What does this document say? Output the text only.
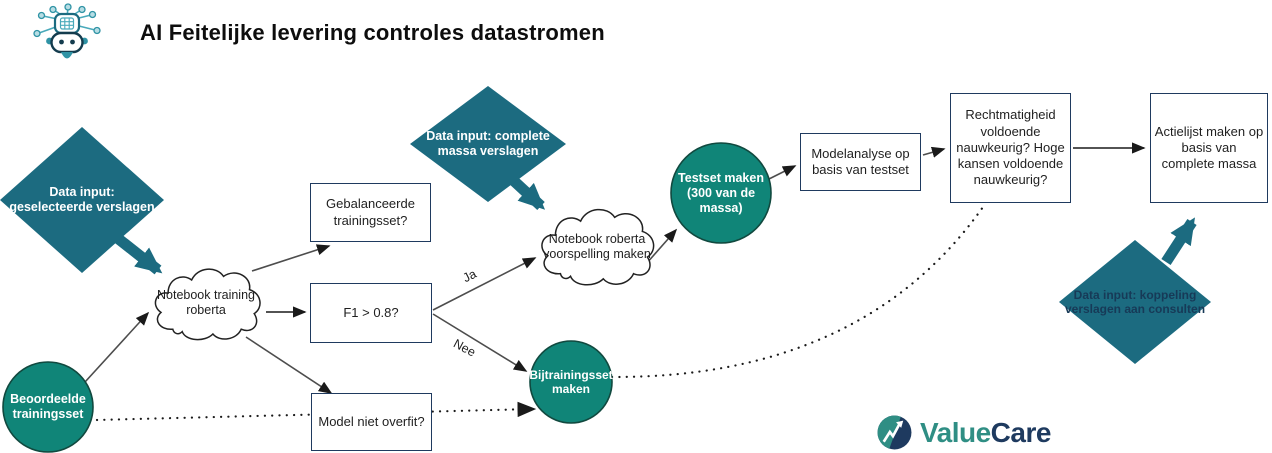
AI Feitelijke levering controles datastromen
Gebalanceerde trainingsset?
F1 > 0.8?
Model niet overfit?
Modelanalyse op basis van testset
Rechtmatigheid voldoende nauwkeurig? Hoge kansen voldoende nauwkeurig?
Actielijst maken op basis van complete massa
Data input: geselecteerde verslagen
Data input: complete massa verslagen
Data input: koppeling verslagen aan consulten
Notebook training roberta
Notebook roberta voorspelling maken
Beoordeelde trainingsset
Testset maken (300 van de massa)
Bijtrainingsset maken
Ja
Nee
ValueCare
